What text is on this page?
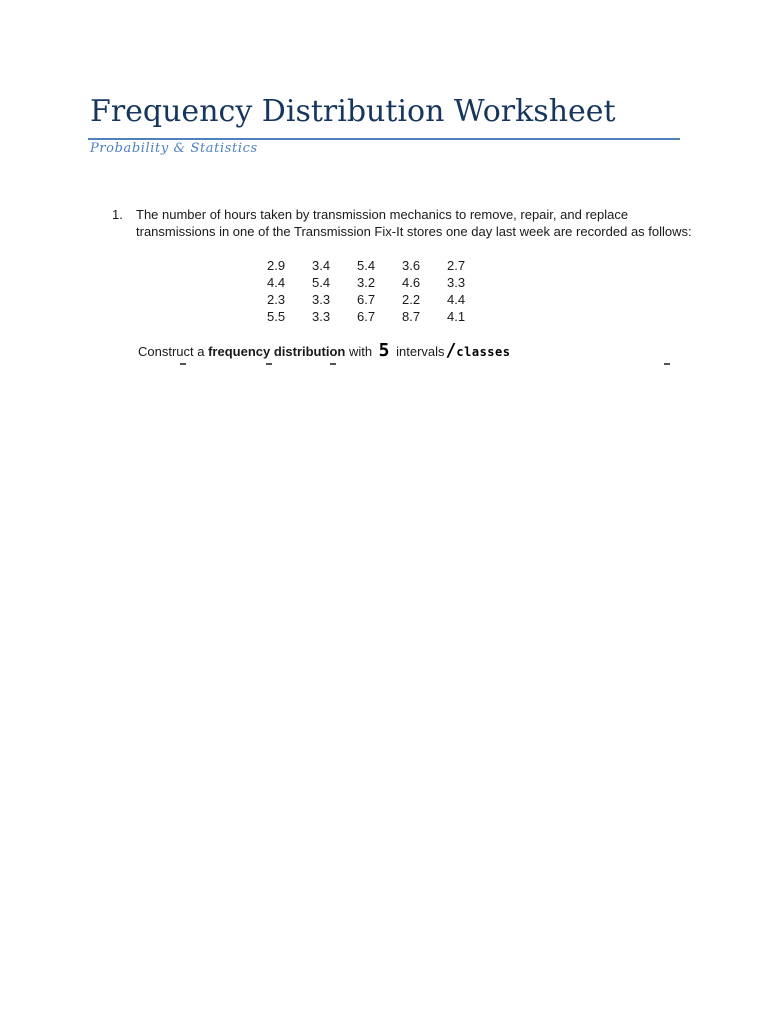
Frequency Distribution Worksheet
Probability & Statistics
1. The number of hours taken by transmission mechanics to remove, repair, and replace transmissions in one of the Transmission Fix-It stores one day last week are recorded as follows:
2.9	3.4	5.4	3.6	2.7
4.4	5.4	3.2	4.6	3.3
2.3	3.3	6.7	2.2	4.4
5.5	3.3	6.7	8.7	4.1
Construct a frequency distribution with 5 intervals/classes
